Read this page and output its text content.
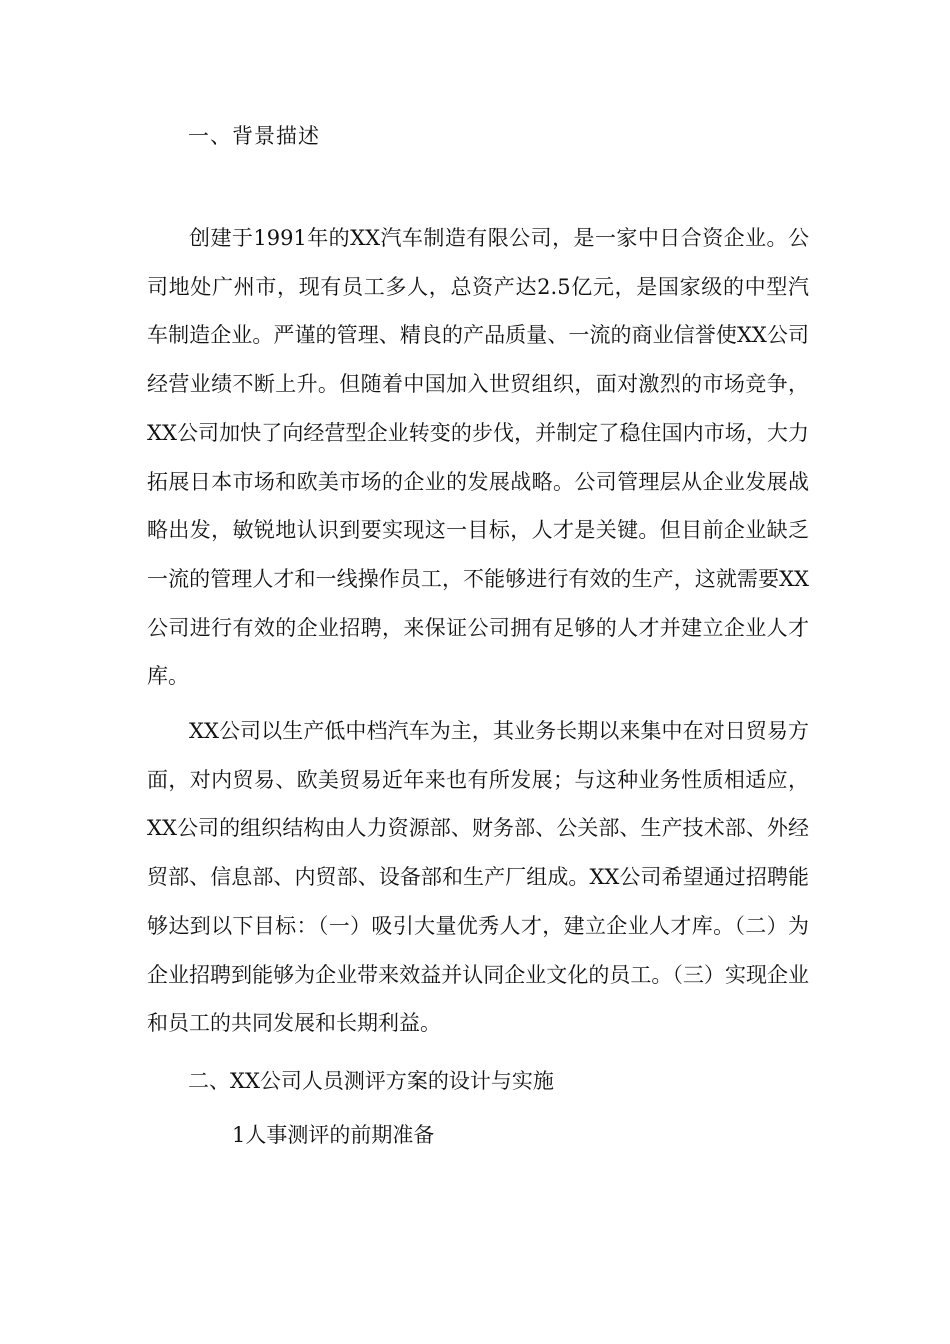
一、背景描述

创建于1991年的XX汽车制造有限公司，是一家中日合资企业。公司地处广州市，现有员工多人，总资产达2.5亿元，是国家级的中型汽车制造企业。严谨的管理、精良的产品质量、一流的商业信誉使XX公司经营业绩不断上升。但随着中国加入世贸组织，面对激烈的市场竞争，XX公司加快了向经营型企业转变的步伐，并制定了稳住国内市场，大力拓展日本市场和欧美市场的企业的发展战略。公司管理层从企业发展战略出发，敏锐地认识到要实现这一目标，人才是关键。但目前企业缺乏一流的管理人才和一线操作员工，不能够进行有效的生产，这就需要XX公司进行有效的企业招聘，来保证公司拥有足够的人才并建立企业人才库。

XX公司以生产低中档汽车为主，其业务长期以来集中在对日贸易方面，对内贸易、欧美贸易近年来也有所发展；与这种业务性质相适应，XX公司的组织结构由人力资源部、财务部、公关部、生产技术部、外经贸部、信息部、内贸部、设备部和生产厂组成。XX公司希望通过招聘能够达到以下目标：（一）吸引大量优秀人才，建立企业人才库。（二）为企业招聘到能够为企业带来效益并认同企业文化的员工。（三）实现企业和员工的共同发展和长期利益。

二、XX公司人员测评方案的设计与实施
1人事测评的前期准备
